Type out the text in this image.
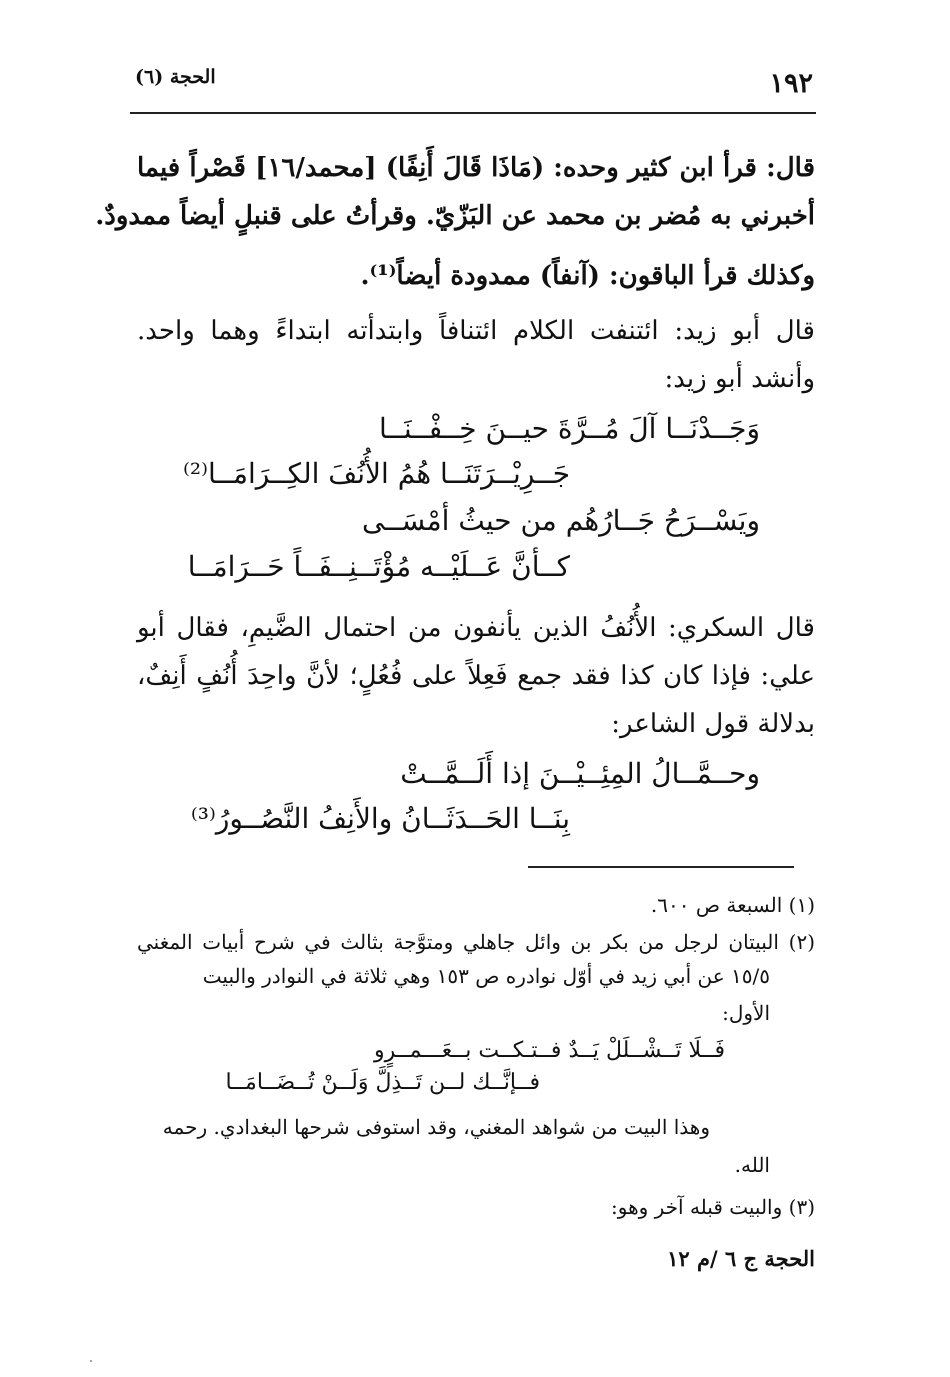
١٩٢
الحجة (٦)
قال: قرأ ابن كثير وحده: (مَاذَا قَالَ أَنِفًا) [محمد/١٦] قَصْراً فيما
أخبرني به مُضر بن محمد عن البَزّيّ. وقرأتُ على قنبلٍ أيضاً ممدودٌ.
وكذلك قرأ الباقون: (آنفاً) ممدودة أيضاً⁽¹⁾.
قال أبو زيد: ائتنفت الكلام ائتنافاً وابتدأته ابتداءً وهما واحد.
وأنشد أبو زيد:
وَجَــدْنَــا آلَ مُــرَّةَ حيــنَ خِــفْــنَــا
جَــرِيْــرَتَنَــا هُمُ الأُنُفَ الكِــرَامَــا⁽²⁾
ويَسْــرَحُ جَــارُهُم من حيثُ أمْسَــى
كــأنَّ عَــلَيْــه مُؤْتَــنِــفَــاً حَــرَامَــا
قال السكري: الأُنُفُ الذين يأنفون من احتمال الضَّيمِ، فقال أبو
علي: فإذا كان كذا فقد جمع فَعِلاً على فُعُلٍ؛ لأنَّ واحِدَ أُنُفٍ أَنِفٌ،
بدلالة قول الشاعر:
وحــمَّــالُ المِئِــيْــنَ إذا أَلَــمَّــتْ
بِنَــا الحَــدَثَــانُ والأَنِفُ النَّصُــورُ⁽³⁾
(١) السبعة ص ٦٠٠.
(٢) البيتان لرجل من بكر بن وائل جاهلي ومتوَّجة بثالث في شرح أبيات المغني
١٥/٥ عن أبي زيد في أوّل نوادره ص ١٥٣ وهي ثلاثة في النوادر والبيت
الأول:
فَــلَا تَــشْــلَلْ يَــدٌ فــتـكــت بــعَـــمــرٍو
فــإنَّــك لــن تَــذِلَّ وَلَــنْ تُــضَــامَــا
وهذا البيت من شواهد المغني، وقد استوفى شرحها البغدادي. رحمه
الله.
(٣) والبيت قبله آخر وهو:
الحجة ج ٦ /م ١٢
